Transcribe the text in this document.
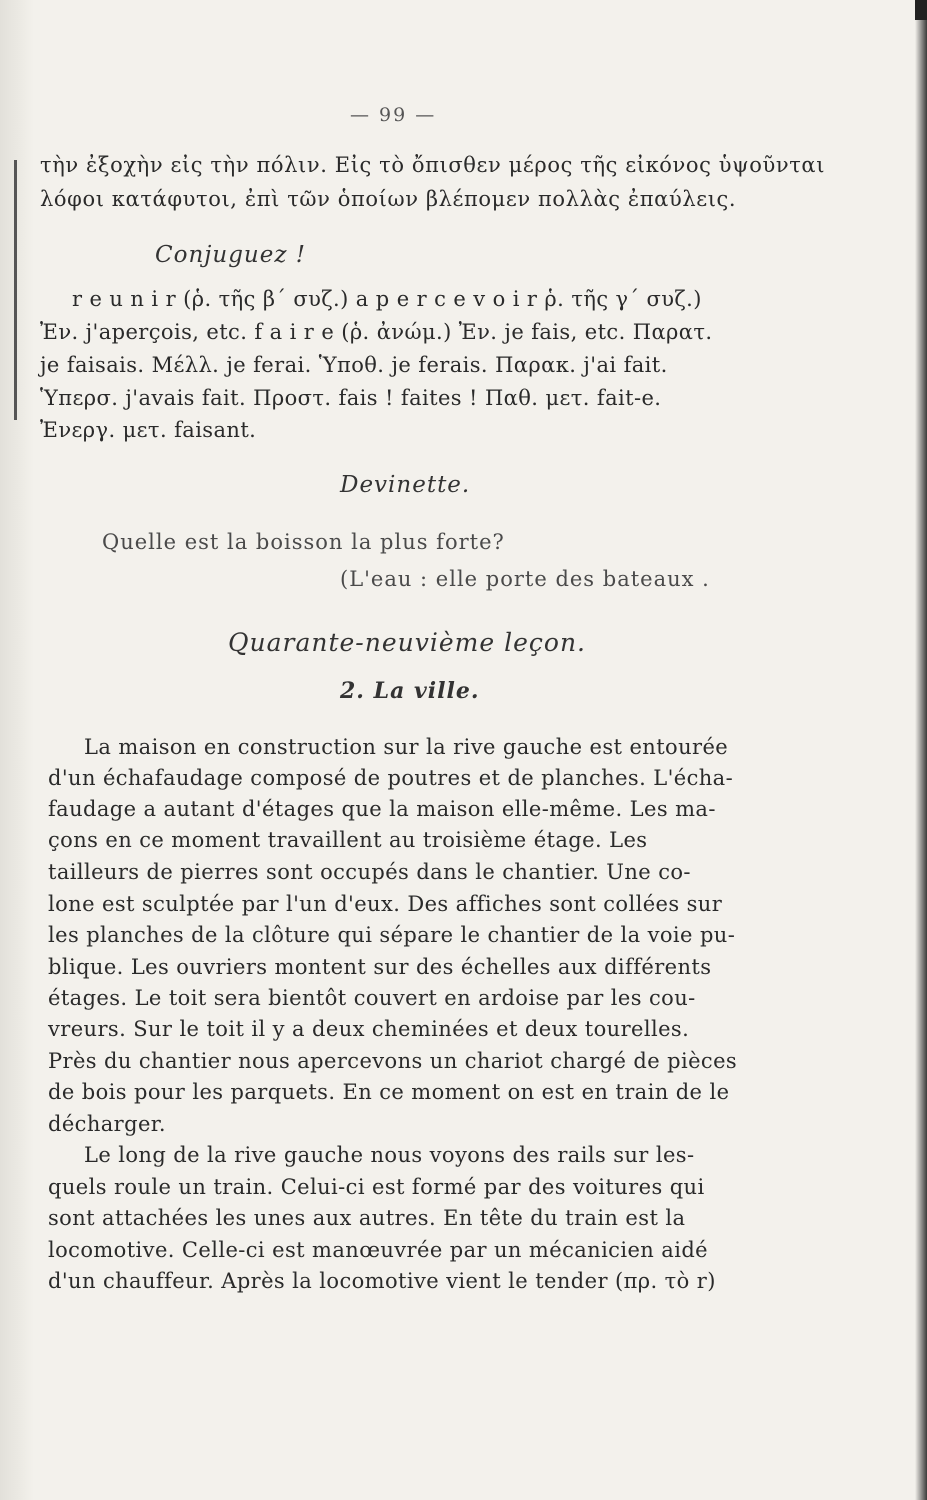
— 99 —
τὴν ἐξοχὴν εἰς τὴν πόλιν. Εἰς τὸ ὄπισθεν μέρος τῆς εἰκόνος ὑψοῦνται
λόφοι κατάφυτοι, ἐπὶ τῶν ὁποίων βλέπομεν πολλὰς ἐπαύλεις.
Conjuguez !
r e u n i r (ῥ. τῆς β΄ συζ.) a p e r c e v o i r ῥ. τῆς γ΄ συζ.)
Ἐν. j'aperçois, etc. f a i r e (ῥ. ἀνώμ.) Ἐν. je fais, etc. Παρατ.
je faisais. Μέλλ. je ferai. Ὑποθ. je ferais. Παρακ. j'ai fait.
Ὑπερσ. j'avais fait. Προστ. fais ! faites ! Παθ. μετ. fait-e.
Ἐνεργ. μετ. faisant.
Devinette.
Quelle est la boisson la plus forte?
(L'eau : elle porte des bateaux .
Quarante-neuvième leçon.
2. La ville.
La maison en construction sur la rive gauche est entourée
d'un échafaudage composé de poutres et de planches. L'écha-
faudage a autant d'étages que la maison elle-même. Les ma-
çons en ce moment travaillent au troisième étage. Les
tailleurs de pierres sont occupés dans le chantier. Une co-
lone est sculptée par l'un d'eux. Des affiches sont collées sur
les planches de la clôture qui sépare le chantier de la voie pu-
blique. Les ouvriers montent sur des échelles aux différents
étages. Le toit sera bientôt couvert en ardoise par les cou-
vreurs. Sur le toit il y a deux cheminées et deux tourelles.
Près du chantier nous apercevons un chariot chargé de pièces
de bois pour les parquets. En ce moment on est en train de le
décharger.
Le long de la rive gauche nous voyons des rails sur les-
quels roule un train. Celui-ci est formé par des voitures qui
sont attachées les unes aux autres. En tête du train est la
locomotive. Celle-ci est manœuvrée par un mécanicien aidé
d'un chauffeur. Après la locomotive vient le tender (πρ. τὸ r)
